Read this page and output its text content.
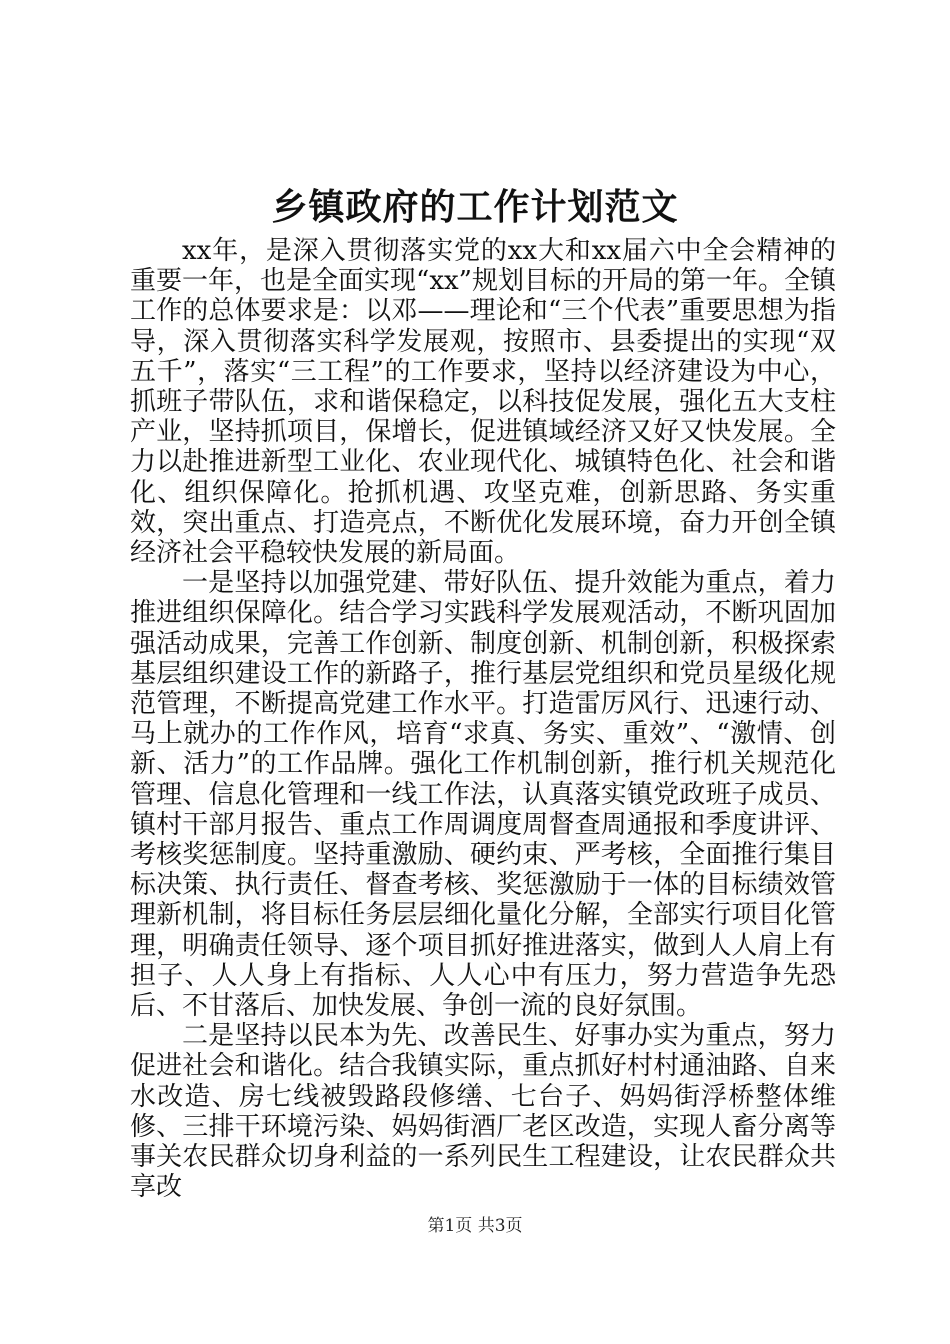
乡镇政府的工作计划范文

xx年，是深入贯彻落实党的xx大和xx届六中全会精神的重要一年，也是全面实现“xx”规划目标的开局的第一年。全镇工作的总体要求是：以邓——理论和“三个代表”重要思想为指导，深入贯彻落实科学发展观，按照市、县委提出的实现“双五千”，落实“三工程”的工作要求，坚持以经济建设为中心，抓班子带队伍，求和谐保稳定，以科技促发展，强化五大支柱产业，坚持抓项目，保增长，促进镇域经济又好又快发展。全力以赴推进新型工业化、农业现代化、城镇特色化、社会和谐化、组织保障化。抢抓机遇、攻坚克难，创新思路、务实重效，突出重点、打造亮点，不断优化发展环境，奋力开创全镇经济社会平稳较快发展的新局面。

一是坚持以加强党建、带好队伍、提升效能为重点，着力推进组织保障化。结合学习实践科学发展观活动，不断巩固加强活动成果，完善工作创新、制度创新、机制创新，积极探索基层组织建设工作的新路子，推行基层党组织和党员星级化规范管理，不断提高党建工作水平。打造雷厉风行、迅速行动、马上就办的工作作风，培育“求真、务实、重效”、“激情、创新、活力”的工作品牌。强化工作机制创新，推行机关规范化管理、信息化管理和一线工作法，认真落实镇党政班子成员、镇村干部月报告、重点工作周调度周督查周通报和季度讲评、考核奖惩制度。坚持重激励、硬约束、严考核，全面推行集目标决策、执行责任、督查考核、奖惩激励于一体的目标绩效管理新机制，将目标任务层层细化量化分解，全部实行项目化管理，明确责任领导、逐个项目抓好推进落实，做到人人肩上有担子、人人身上有指标、人人心中有压力，努力营造争先恐后、不甘落后、加快发展、争创一流的良好氛围。

二是坚持以民本为先、改善民生、好事办实为重点，努力促进社会和谐化。结合我镇实际，重点抓好村村通油路、自来水改造、房七线被毁路段修缮、七台子、妈妈街浮桥整体维修、三排干环境污染、妈妈街酒厂老区改造，实现人畜分离等事关农民群众切身利益的一系列民生工程建设，让农民群众共享改

第1页 共3页
